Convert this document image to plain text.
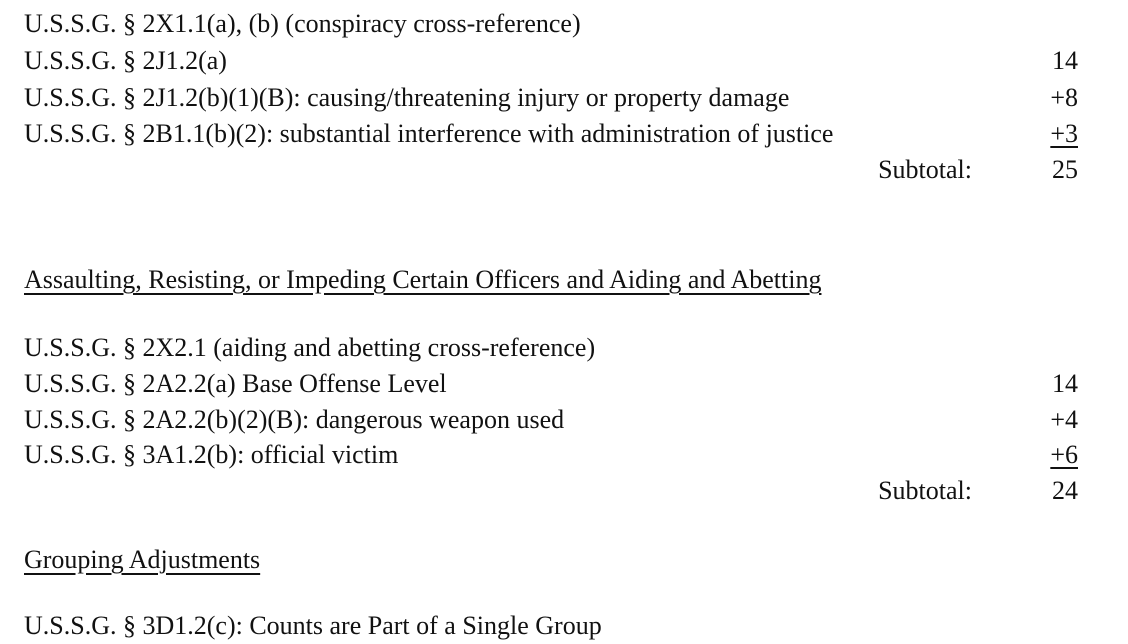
U.S.S.G. § 2X1.1(a), (b) (conspiracy cross-reference)
U.S.S.G. § 2J1.2(a)	14
U.S.S.G. § 2J1.2(b)(1)(B): causing/threatening injury or property damage	+8
U.S.S.G. § 2B1.1(b)(2): substantial interference with administration of justice	+3
Subtotal:	25
Assaulting, Resisting, or Impeding Certain Officers and Aiding and Abetting
U.S.S.G. § 2X2.1 (aiding and abetting cross-reference)
U.S.S.G. § 2A2.2(a) Base Offense Level	14
U.S.S.G. § 2A2.2(b)(2)(B): dangerous weapon used	+4
U.S.S.G. § 3A1.2(b): official victim	+6
Subtotal:	24
Grouping Adjustments
U.S.S.G. § 3D1.2(c): Counts are Part of a Single Group
